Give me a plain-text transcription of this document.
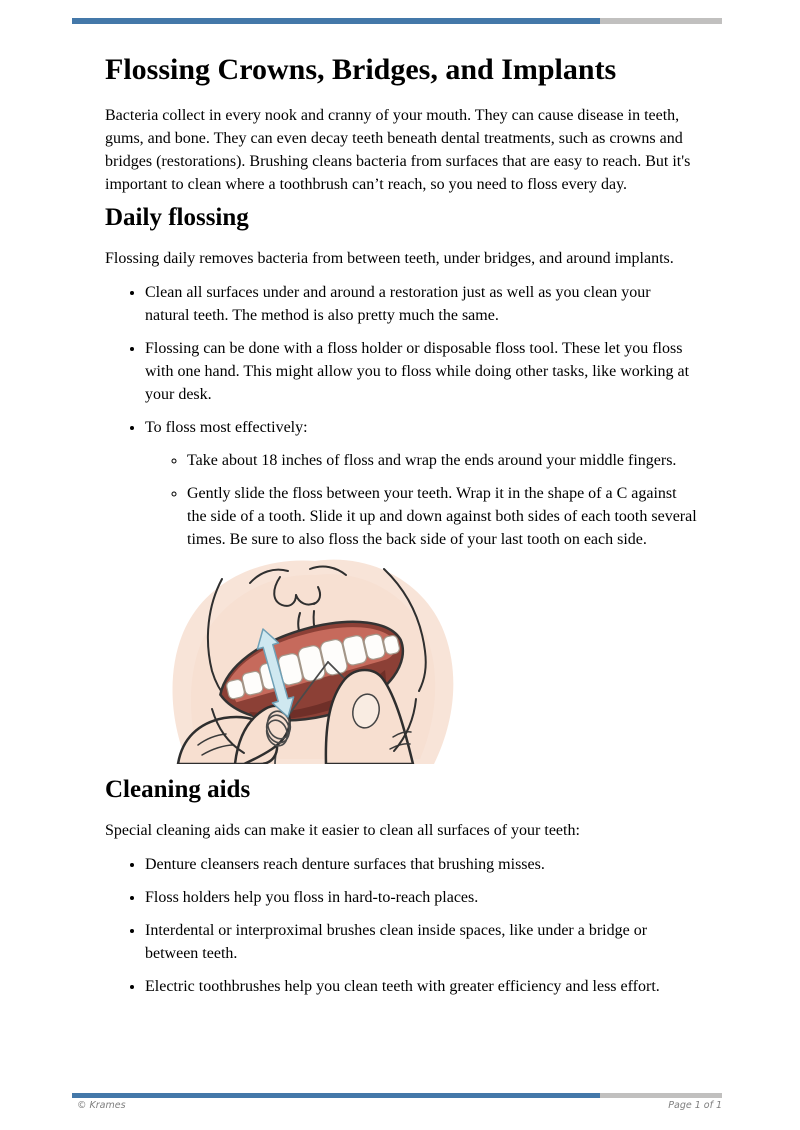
Flossing Crowns, Bridges, and Implants

Bacteria collect in every nook and cranny of your mouth. They can cause disease in teeth, gums, and bone. They can even decay teeth beneath dental treatments, such as crowns and bridges (restorations). Brushing cleans bacteria from surfaces that are easy to reach. But it's important to clean where a toothbrush can’t reach, so you need to floss every day.

Daily flossing

Flossing daily removes bacteria from between teeth, under bridges, and around implants.

• Clean all surfaces under and around a restoration just as well as you clean your natural teeth. The method is also pretty much the same.
• Flossing can be done with a floss holder or disposable floss tool. These let you floss with one hand. This might allow you to floss while doing other tasks, like working at your desk.
• To floss most effectively:
◦ Take about 18 inches of floss and wrap the ends around your middle fingers.
◦ Gently slide the floss between your teeth. Wrap it in the shape of a C against the side of a tooth. Slide it up and down against both sides of each tooth several times. Be sure to also floss the back side of your last tooth on each side.
Cleaning aids

Special cleaning aids can make it easier to clean all surfaces of your teeth:

• Denture cleansers reach denture surfaces that brushing misses.
• Floss holders help you floss in hard-to-reach places.
• Interdental or interproximal brushes clean inside spaces, like under a bridge or between teeth.
• Electric toothbrushes help you clean teeth with greater efficiency and less effort.
© Krames	Page 1 of 1
